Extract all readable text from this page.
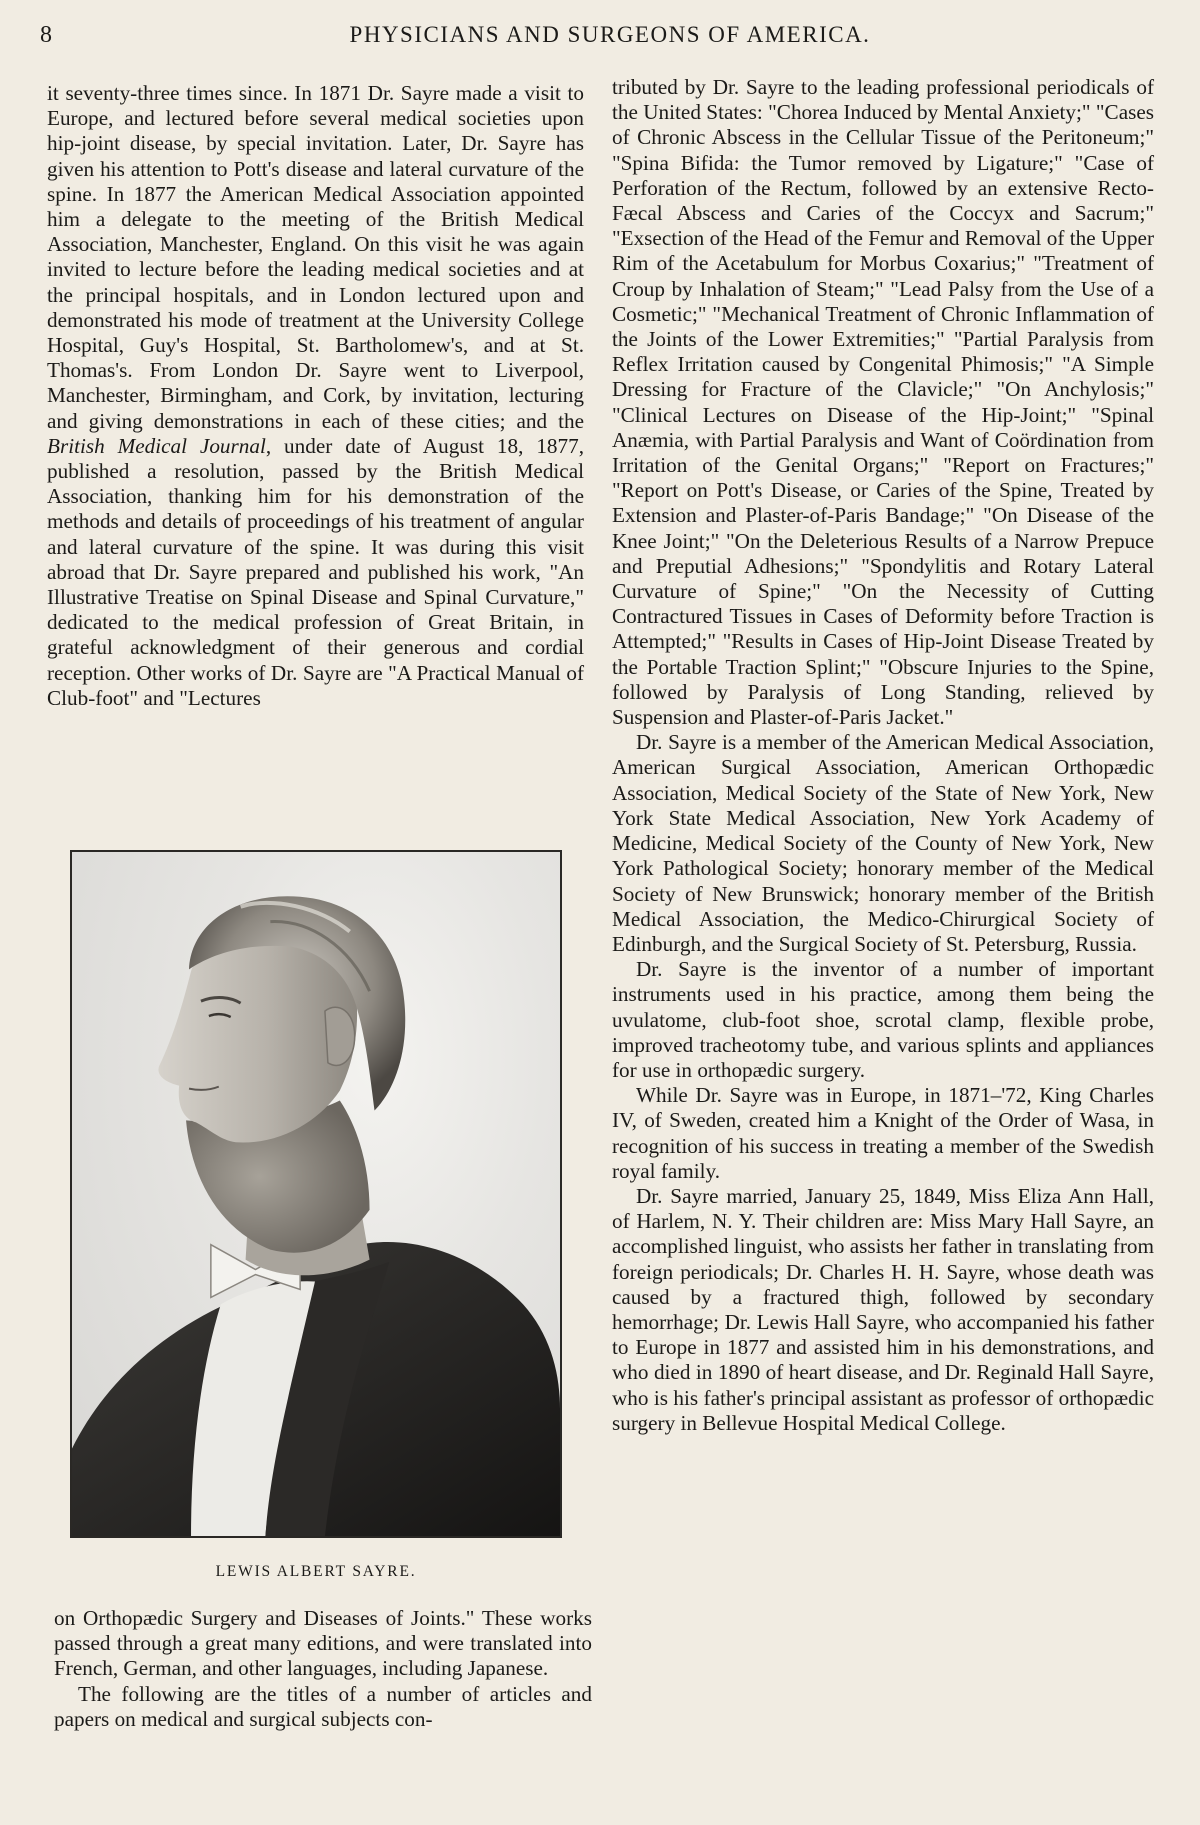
8	PHYSICIANS AND SURGEONS OF AMERICA.

it seventy-three times since. In 1871 Dr. Sayre made a visit to Europe, and lectured before several medical societies upon hip-joint disease, by special invitation. Later, Dr. Sayre has given his attention to Pott's disease and lateral curvature of the spine. In 1877 the American Medical Association appointed him a delegate to the meeting of the British Medical Association, Manchester, England. On this visit he was again invited to lecture before the leading medical societies and at the principal hospitals, and in London lectured upon and demonstrated his mode of treatment at the University College Hospital, Guy's Hospital, St. Bartholomew's, and at St. Thomas's. From London Dr. Sayre went to Liverpool, Manchester, Birmingham, and Cork, by invitation, lecturing and giving demonstrations in each of these cities; and the British Medical Journal, under date of August 18, 1877, published a resolution, passed by the British Medical Association, thanking him for his demonstration of the methods and details of proceedings of his treatment of angular and lateral curvature of the spine. It was during this visit abroad that Dr. Sayre prepared and published his work, "An Illustrative Treatise on Spinal Disease and Spinal Curvature," dedicated to the medical profession of Great Britain, in grateful acknowledgment of their generous and cordial reception. Other works of Dr. Sayre are "A Practical Manual of Club-foot" and "Lectures

LEWIS ALBERT SAYRE.

on Orthopædic Surgery and Diseases of Joints." These works passed through a great many editions, and were translated into French, German, and other languages, including Japanese.

The following are the titles of a number of articles and papers on medical and surgical subjects con-

tributed by Dr. Sayre to the leading professional periodicals of the United States: "Chorea Induced by Mental Anxiety;" "Cases of Chronic Abscess in the Cellular Tissue of the Peritoneum;" "Spina Bifida: the Tumor removed by Ligature;" "Case of Perforation of the Rectum, followed by an extensive Recto-Fæcal Abscess and Caries of the Coccyx and Sacrum;" "Exsection of the Head of the Femur and Removal of the Upper Rim of the Acetabulum for Morbus Coxarius;" "Treatment of Croup by Inhalation of Steam;" "Lead Palsy from the Use of a Cosmetic;" "Mechanical Treatment of Chronic Inflammation of the Joints of the Lower Extremities;" "Partial Paralysis from Reflex Irritation caused by Congenital Phimosis;" "A Simple Dressing for Fracture of the Clavicle;" "On Anchylosis;" "Clinical Lectures on Disease of the Hip-Joint;" "Spinal Anæmia, with Partial Paralysis and Want of Coördination from Irritation of the Genital Organs;" "Report on Fractures;" "Report on Pott's Disease, or Caries of the Spine, Treated by Extension and Plaster-of-Paris Bandage;" "On Disease of the Knee Joint;" "On the Deleterious Results of a Narrow Prepuce and Preputial Adhesions;" "Spondylitis and Rotary Lateral Curvature of Spine;" "On the Necessity of Cutting Contractured Tissues in Cases of Deformity before Traction is Attempted;" "Results in Cases of Hip-Joint Disease Treated by the Portable Traction Splint;" "Obscure Injuries to the Spine, followed by Paralysis of Long Standing, relieved by Suspension and Plaster-of-Paris Jacket."

Dr. Sayre is a member of the American Medical Association, American Surgical Association, American Orthopædic Association, Medical Society of the State of New York, New York State Medical Association, New York Academy of Medicine, Medical Society of the County of New York, New York Pathological Society; honorary member of the Medical Society of New Brunswick; honorary member of the British Medical Association, the Medico-Chirurgical Society of Edinburgh, and the Surgical Society of St. Petersburg, Russia.

Dr. Sayre is the inventor of a number of important instruments used in his practice, among them being the uvulatome, club-foot shoe, scrotal clamp, flexible probe, improved tracheotomy tube, and various splints and appliances for use in orthopædic surgery.

While Dr. Sayre was in Europe, in 1871–'72, King Charles IV, of Sweden, created him a Knight of the Order of Wasa, in recognition of his success in treating a member of the Swedish royal family.

Dr. Sayre married, January 25, 1849, Miss Eliza Ann Hall, of Harlem, N. Y. Their children are: Miss Mary Hall Sayre, an accomplished linguist, who assists her father in translating from foreign periodicals; Dr. Charles H. H. Sayre, whose death was caused by a fractured thigh, followed by secondary hemorrhage; Dr. Lewis Hall Sayre, who accompanied his father to Europe in 1877 and assisted him in his demonstrations, and who died in 1890 of heart disease, and Dr. Reginald Hall Sayre, who is his father's principal assistant as professor of orthopædic surgery in Bellevue Hospital Medical College.
